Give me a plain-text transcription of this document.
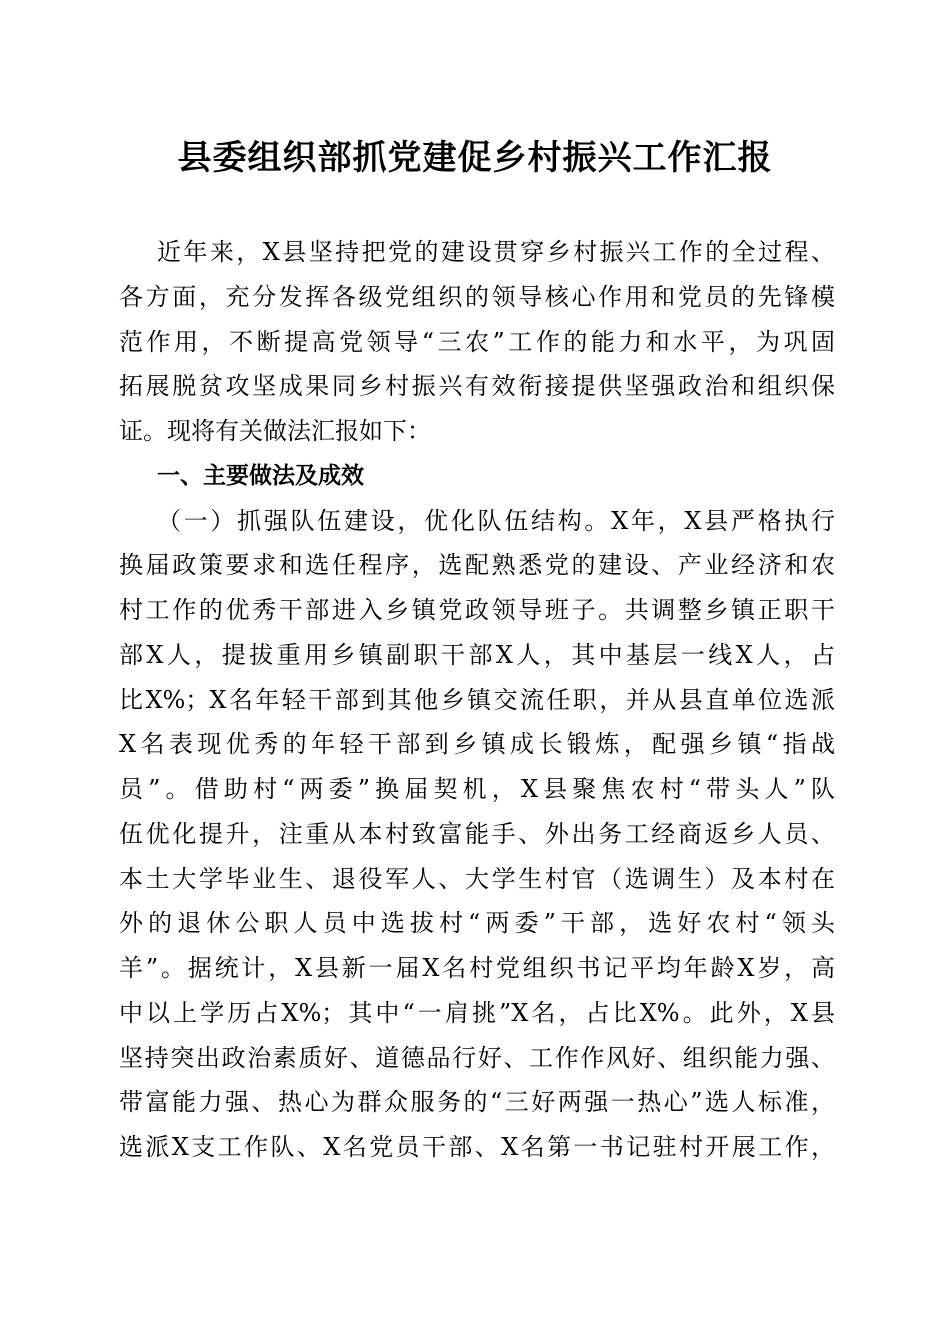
县委组织部抓党建促乡村振兴工作汇报
近年来，X县坚持把党的建设贯穿乡村振兴工作的全过程、
各方面，充分发挥各级党组织的领导核心作用和党员的先锋模
范作用，不断提高党领导“三农”工作的能力和水平，为巩固
拓展脱贫攻坚成果同乡村振兴有效衔接提供坚强政治和组织保
证。现将有关做法汇报如下：
一、主要做法及成效
（一）抓强队伍建设，优化队伍结构。X年，X县严格执行
换届政策要求和选任程序，选配熟悉党的建设、产业经济和农
村工作的优秀干部进入乡镇党政领导班子。共调整乡镇正职干
部X人，提拔重用乡镇副职干部X人，其中基层一线X人，占
比X%；X名年轻干部到其他乡镇交流任职，并从县直单位选派
X名表现优秀的年轻干部到乡镇成长锻炼，配强乡镇“指战
员”。借助村“两委”换届契机，X县聚焦农村“带头人”队
伍优化提升，注重从本村致富能手、外出务工经商返乡人员、
本土大学毕业生、退役军人、大学生村官（选调生）及本村在
外的退休公职人员中选拔村“两委”干部，选好农村“领头
羊”。据统计，X县新一届X名村党组织书记平均年龄X岁，高
中以上学历占X%；其中“一肩挑”X名，占比X%。此外，X县
坚持突出政治素质好、道德品行好、工作作风好、组织能力强、
带富能力强、热心为群众服务的“三好两强一热心”选人标准，
选派X支工作队、X名党员干部、X名第一书记驻村开展工作，
